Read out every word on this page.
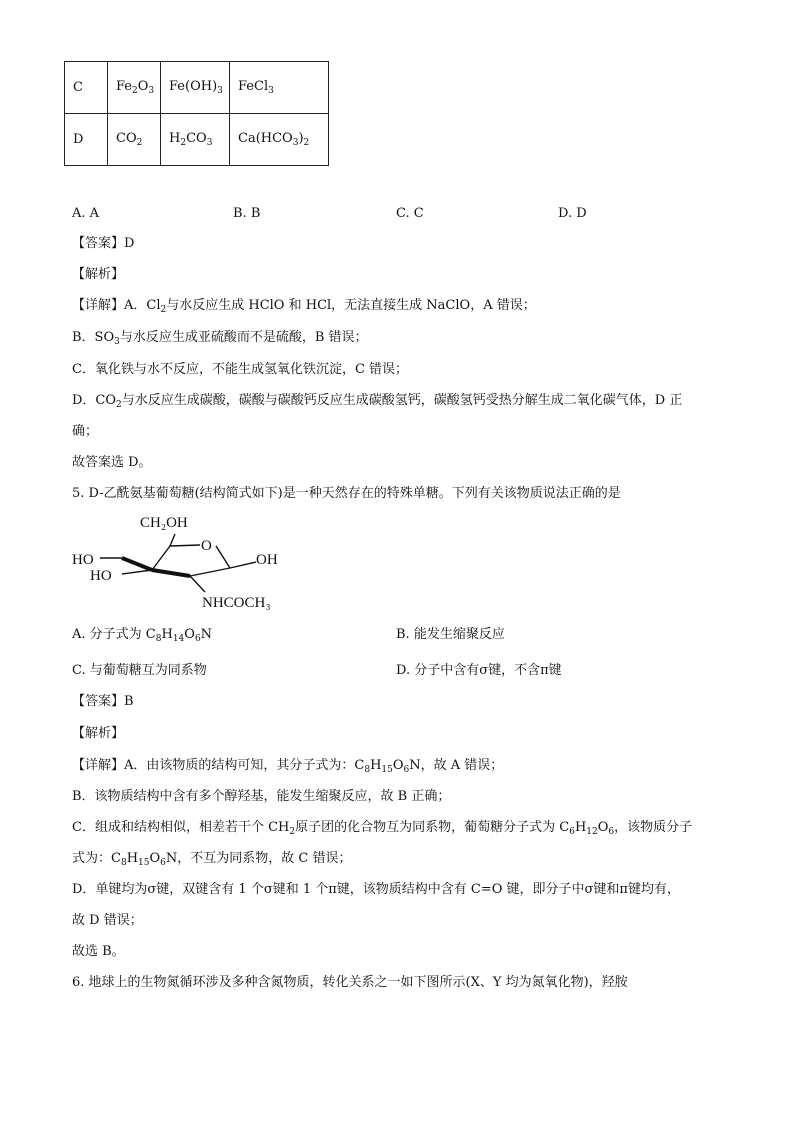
C	$Fe_2O_3$	$Fe(OH)_3$	FeCl$_3$
D	$CO_2$	$H_2CO_3$	$Ca(HCO_3)_2$
A. A	B. B	C. C	D. D
【答案】D
【解析】
【详解】A．$Cl_2$与水反应生成 HClO 和 HCl，无法直接生成 NaClO，A 错误；
B．$SO_3$与水反应生成亚硫酸而不是硫酸，B 错误；
C．氧化铁与水不反应，不能生成氢氧化铁沉淀，C 错误；
D．$CO_2$与水反应生成碳酸，碳酸与碳酸钙反应生成碳酸氢钙，碳酸氢钙受热分解生成二氧化碳气体，D 正
确；
故答案选 D。
5. D-乙酰氨基葡萄糖(结构简式如下)是一种天然存在的特殊单糖。下列有关该物质说法正确的是
CH₂OH
O
HO
HO
OH
NHCOCH₃
A. 分子式为 $C_8H_{14}O_6N$	B. 能发生缩聚反应
C. 与葡萄糖互为同系物	D. 分子中含有σ键，不含π键
【答案】B
【解析】
【详解】A．由该物质的结构可知，其分子式为：$C_8H_{15}O_6N$，故 A 错误；
B．该物质结构中含有多个醇羟基，能发生缩聚反应，故 B 正确；
C．组成和结构相似，相差若干个 $CH_2$原子团的化合物互为同系物，葡萄糖分子式为 $C_6H_{12}O_6$，该物质分子
式为：$C_8H_{15}O_6N$，不互为同系物，故 C 错误；
D．单键均为σ键，双键含有 1 个σ键和 1 个π键，该物质结构中含有 C=O 键，即分子中σ键和π键均有，
故 D 错误；
故选 B。
6. 地球上的生物氮循环涉及多种含氮物质，转化关系之一如下图所示(X、Y 均为氮氧化物)，羟胺
